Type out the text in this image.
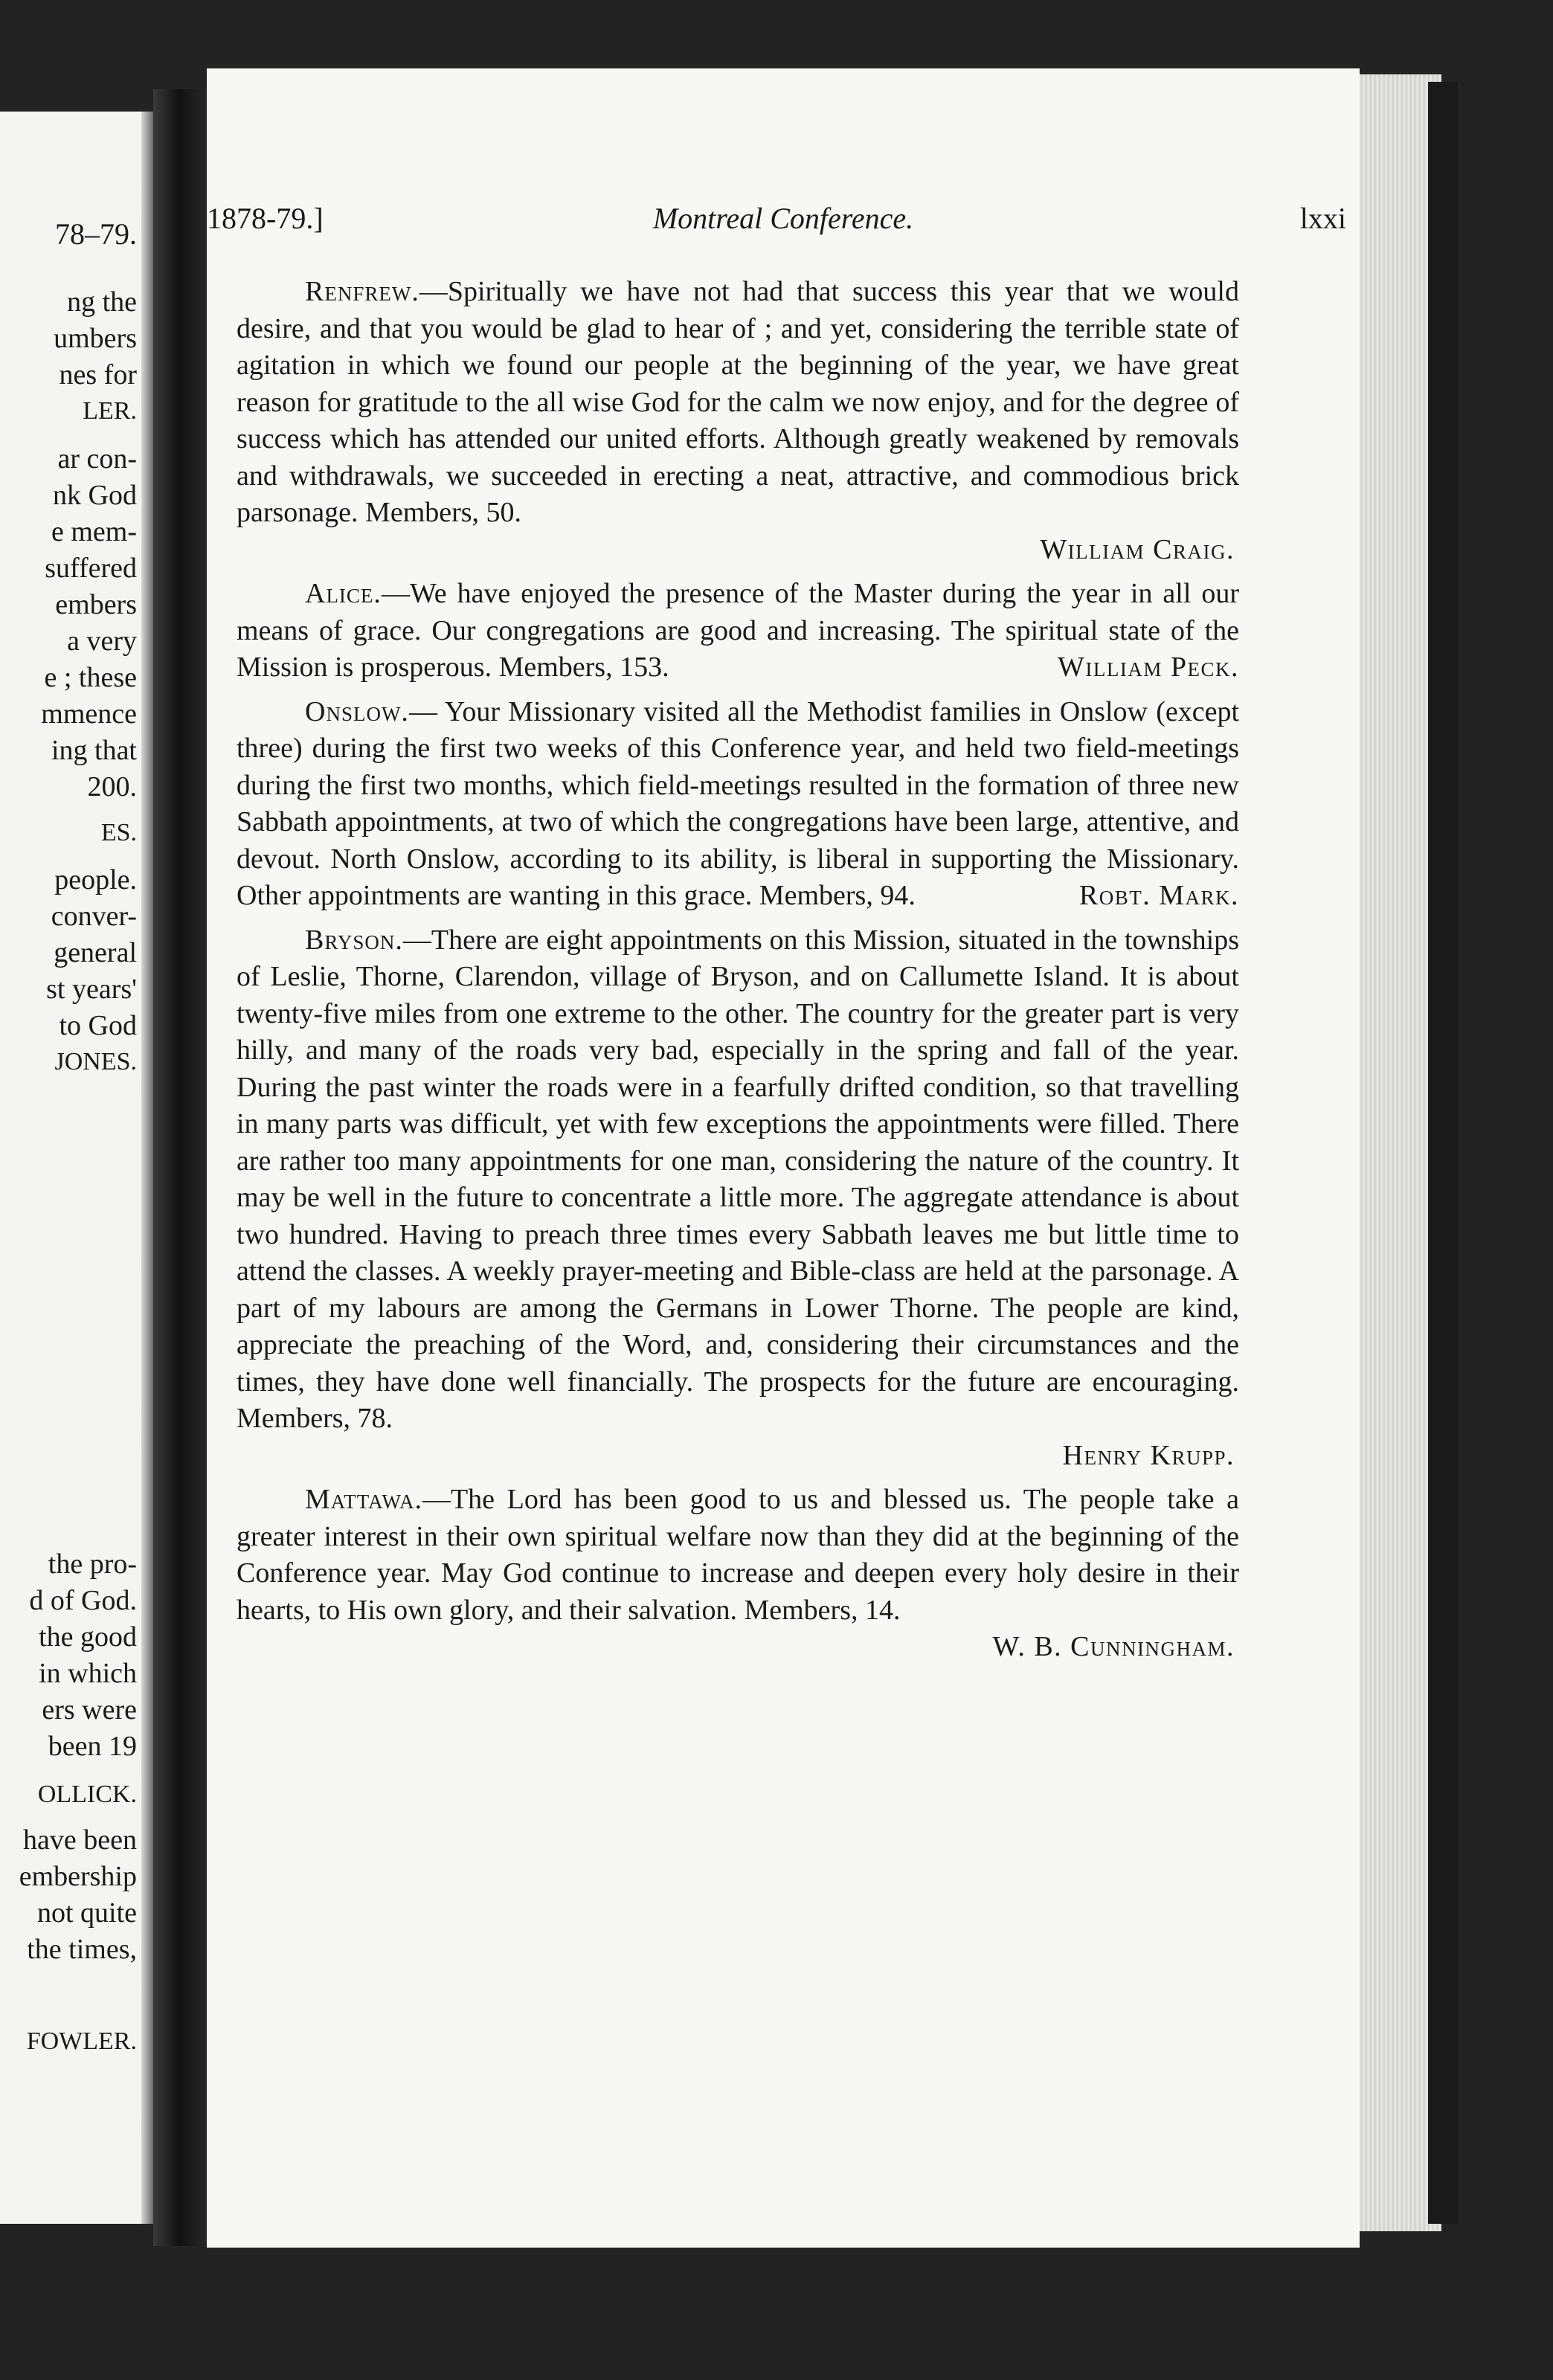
78–79.
ng the
umbers
nes for
LER.
ar con-
nk God
e mem-
suffered
embers
a very
e ; these
mmence
ing that
200.
ES.
people.
conver-
general
st years'
to God
JONES.
the pro-
d of God.
the good
in which
ers were
been 19
OLLICK.
have been
embership
not quite
the times,
FOWLER.
1878-79.]	Montreal Conference.	lxxi

Renfrew.—Spiritually we have not had that success this year that we would desire, and that you would be glad to hear of ; and yet, considering the terrible state of agitation in which we found our people at the beginning of the year, we have great reason for gratitude to the all wise God for the calm we now enjoy, and for the degree of success which has attended our united efforts. Although greatly weakened by removals and withdrawals, we succeeded in erecting a neat, attractive, and commodious brick parsonage. Members, 50.

William Craig.

Alice.—We have enjoyed the presence of the Master during the year in all our means of grace. Our congregations are good and increasing. The spiritual state of the Mission is prosperous. Members, 153.	William Peck.

Onslow.— Your Missionary visited all the Methodist families in Onslow (except three) during the first two weeks of this Conference year, and held two field-meetings during the first two months, which field-meetings resulted in the formation of three new Sabbath appointments, at two of which the congregations have been large, attentive, and devout. North Onslow, according to its ability, is liberal in supporting the Missionary. Other appointments are wanting in this grace. Members, 94.	Robt. Mark.

Bryson.—There are eight appointments on this Mission, situated in the townships of Leslie, Thorne, Clarendon, village of Bryson, and on Callumette Island. It is about twenty-five miles from one extreme to the other. The country for the greater part is very hilly, and many of the roads very bad, especially in the spring and fall of the year. During the past winter the roads were in a fearfully drifted condition, so that travelling in many parts was difficult, yet with few exceptions the appointments were filled. There are rather too many appointments for one man, considering the nature of the country. It may be well in the future to concentrate a little more. The aggregate attendance is about two hundred. Having to preach three times every Sabbath leaves me but little time to attend the classes. A weekly prayer-meeting and Bible-class are held at the parsonage. A part of my labours are among the Germans in Lower Thorne. The people are kind, appreciate the preaching of the Word, and, considering their circumstances and the times, they have done well financially. The prospects for the future are encouraging. Members, 78.

Henry Krupp.

Mattawa.—The Lord has been good to us and blessed us. The people take a greater interest in their own spiritual welfare now than they did at the beginning of the Conference year. May God continue to increase and deepen every holy desire in their hearts, to His own glory, and their salvation. Members, 14.

W. B. Cunningham.
